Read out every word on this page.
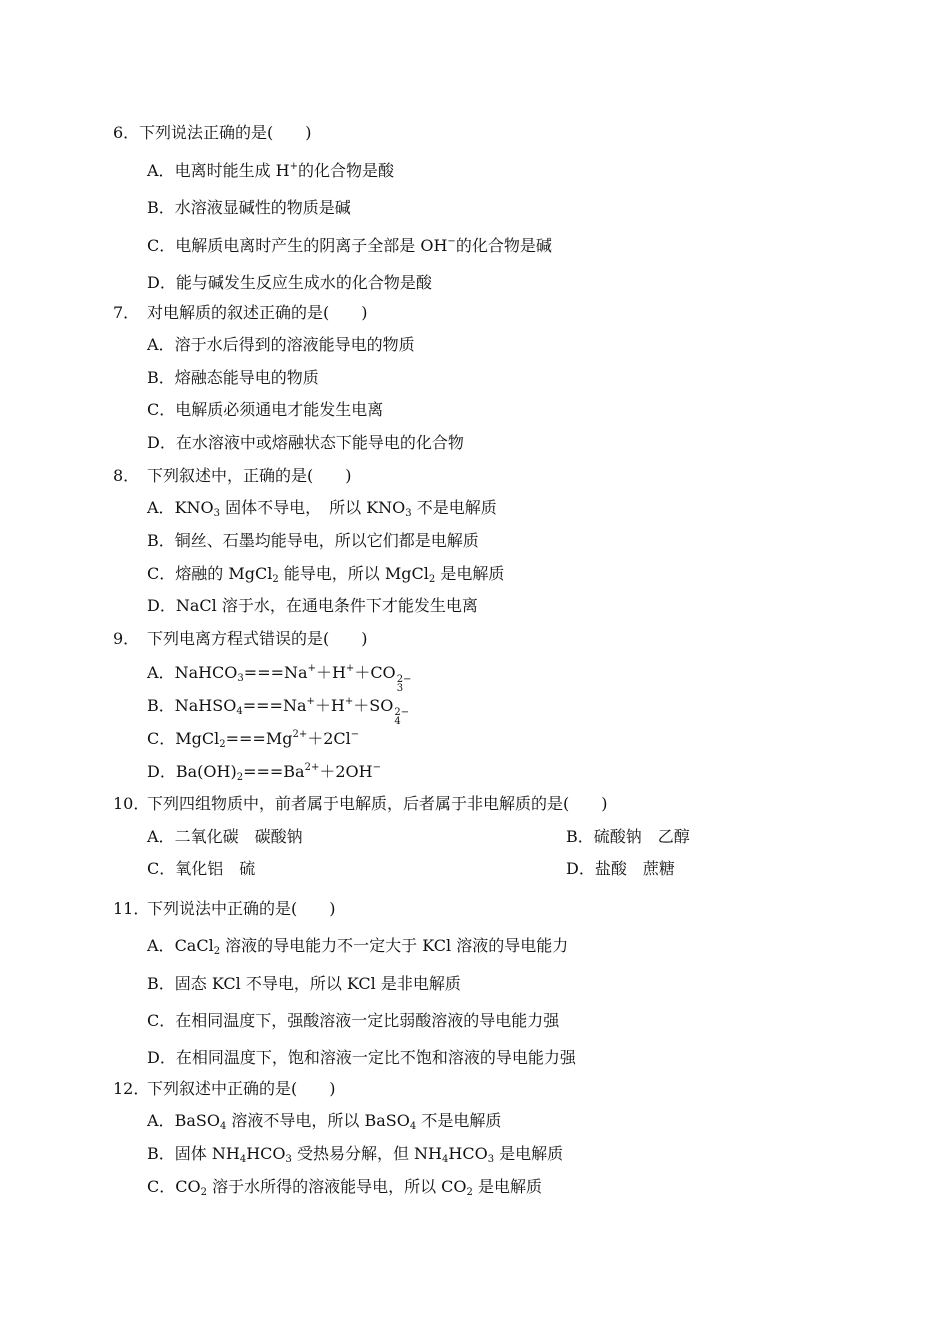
6． 下列说法正确的是(　　)
A．电离时能生成 H+的化合物是酸
B．水溶液显碱性的物质是碱
C．电解质电离时产生的阴离子全部是 OH−的化合物是碱
D．能与碱发生反应生成水的化合物是酸
7． 对电解质的叙述正确的是(　　)
A．溶于水后得到的溶液能导电的物质
B．熔融态能导电的物质
C．电解质必须通电才能发生电离
D．在水溶液中或熔融状态下能导电的化合物
8． 下列叙述中，正确的是(　　)
A．$KNO_3$ 固体不导电，　所以 $KNO_3$ 不是电解质
B．铜丝、石墨均能导电，所以它们都是电解质
C．熔融的 MgCl$_2$ 能导电，所以 MgCl$_2$ 是电解质
D．NaCl 溶于水，在通电条件下才能发生电离
9． 下列电离方程式错误的是(　　)
A．NaHCO$_3$===Na+＋H+＋CO 2−
3
B．NaHSO$_4$===Na+＋H+＋SO 2−
4
C．$MgCl_2===Mg^{2+}+2Cl^-$
D．$Ba(OH)_2===Ba^{2+}+2OH^-$
10．
下列四组物质中，前者属于电解质，后者属于非电解质的是(　　)
A．二氧化碳　碳酸钠	B．硫酸钠　乙醇
C．氧化铝　硫	D．盐酸　蔗糖
11．
下列说法中正确的是(　　)
A．CaCl$_2$ 溶液的导电能力不一定大于 KCl 溶液的导电能力
B．固态 KCl 不导电，所以 KCl 是非电解质
C．在相同温度下，强酸溶液一定比弱酸溶液的导电能力强
D．在相同温度下，饱和溶液一定比不饱和溶液的导电能力强
12．
下列叙述中正确的是(　　)
A．BaSO$_4$ 溶液不导电，所以 BaSO$_4$ 不是电解质
B．固体 $NH_4HCO_3$ 受热易分解，但 $NH_4HCO_3$ 是电解质
C．$CO_2$ 溶于水所得的溶液能导电，所以 $CO_2$ 是电解质
